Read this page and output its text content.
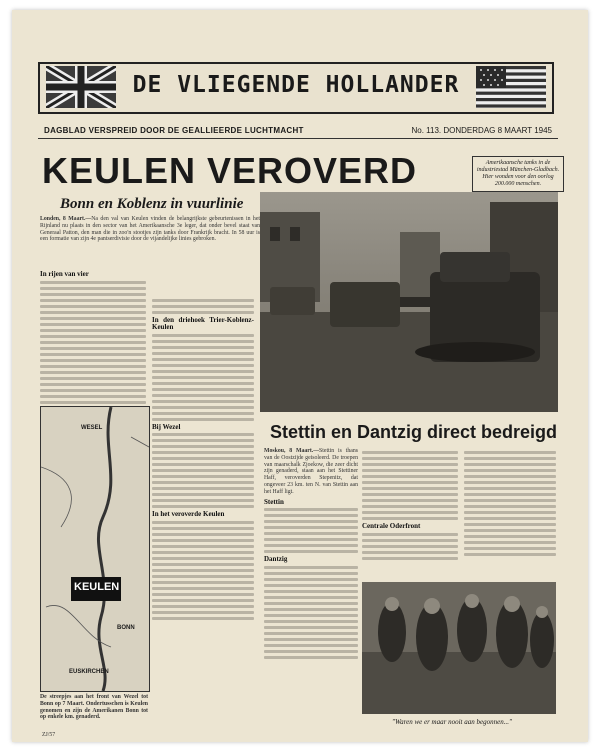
DE VLIEGENDE HOLLANDER
DAGBLAD VERSPREID DOOR DE GEALLIEERDE LUCHTMACHT	No. 113. DONDERDAG 8 MAART 1945
KEULEN VEROVERD	Amerikaansche tanks in de industriestad München-Gladbach. Hier wonden voor den oorlog 200.000 menschen.
Bonn en Koblenz in vuurlinie

Londen, 8 Maart.—Na den val van Keulen vinden de belangrijkste gebeurtenissen in het Rijnland nu plaats in den sector van het Amerikaansche 3e leger, dat onder bevel staat van Generaal Patton, den man die in zoo'n stootjes zijn tanks door Frankrijk bracht. In 58 uur is een formatie van zijn 4e pantserdivisie door de vijandelijke linies gebroken.

In rijen van vier
In den driehoek Trier-Koblenz-Keulen
Bij Wezel
In het veroverde Keulen
Stettin en Dantzig direct bedreigd
WESEL
KEULEN
BONN
EUSKIRCHEN
De streepjes aan het front van Wezel tot Bonn op 7 Maart. Ondertusschen is Keulen genomen en zijn de Amerikanen Bonn tot op enkele km. genaderd.
ZJ/57

Moskou, 8 Maart.—Stettin is thans van de Oostzijde geisoleerd. De troepen van maarschalk Zjoekow, die zeer dicht zijn genaderd, staan aan het Stettiner Haff, veroverden Stepenitz, dat ongeveer 23 km. ten N. van Stettin aan het Haff ligt.

Stettin
Dantzig
Centrale Oderfront
"Waren we er maar nooit aan begonnen..."
